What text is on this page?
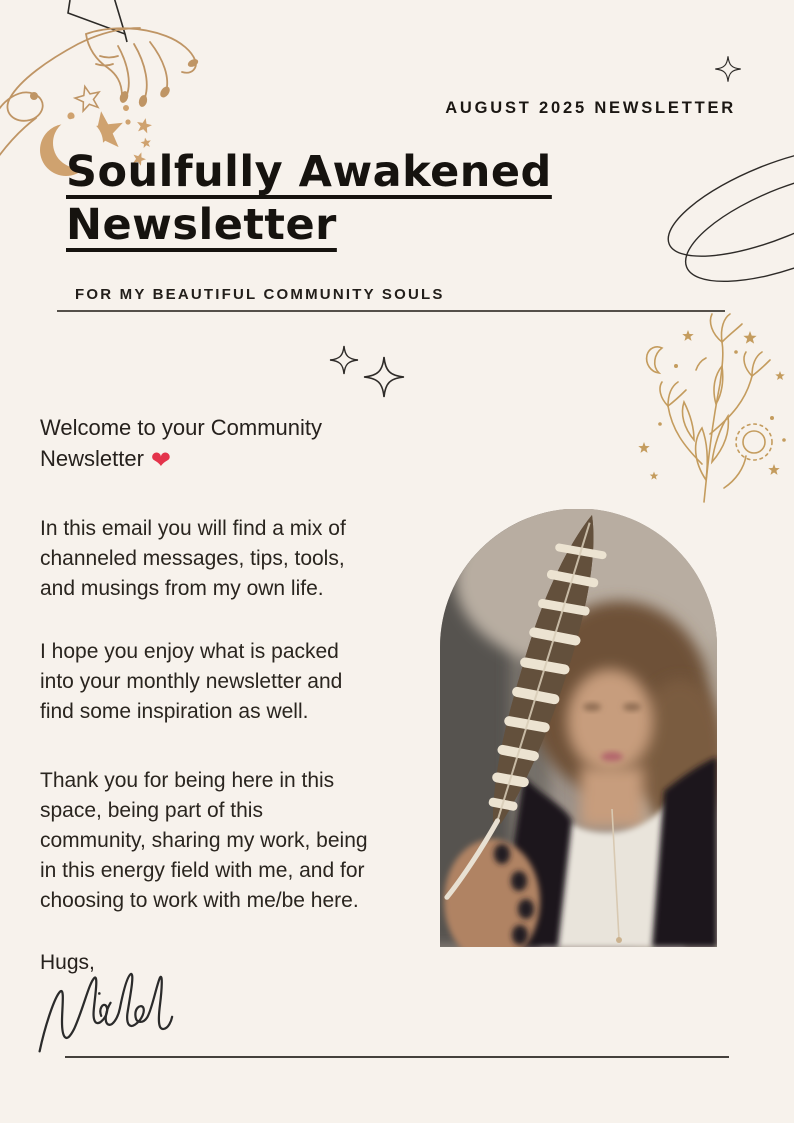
AUGUST 2025 NEWSLETTER
Soulfully Awakened
Newsletter
FOR MY BEAUTIFUL COMMUNITY SOULS
Welcome to your Community
Newsletter ❤
In this email you will find a mix of
channeled messages, tips, tools,
and musings from my own life.
I hope you enjoy what is packed
into your monthly newsletter and
find some inspiration as well.
Thank you for being here in this
space, being part of this
community, sharing my work, being
in this energy field with me, and for
choosing to work with me/be here.
Hugs,
